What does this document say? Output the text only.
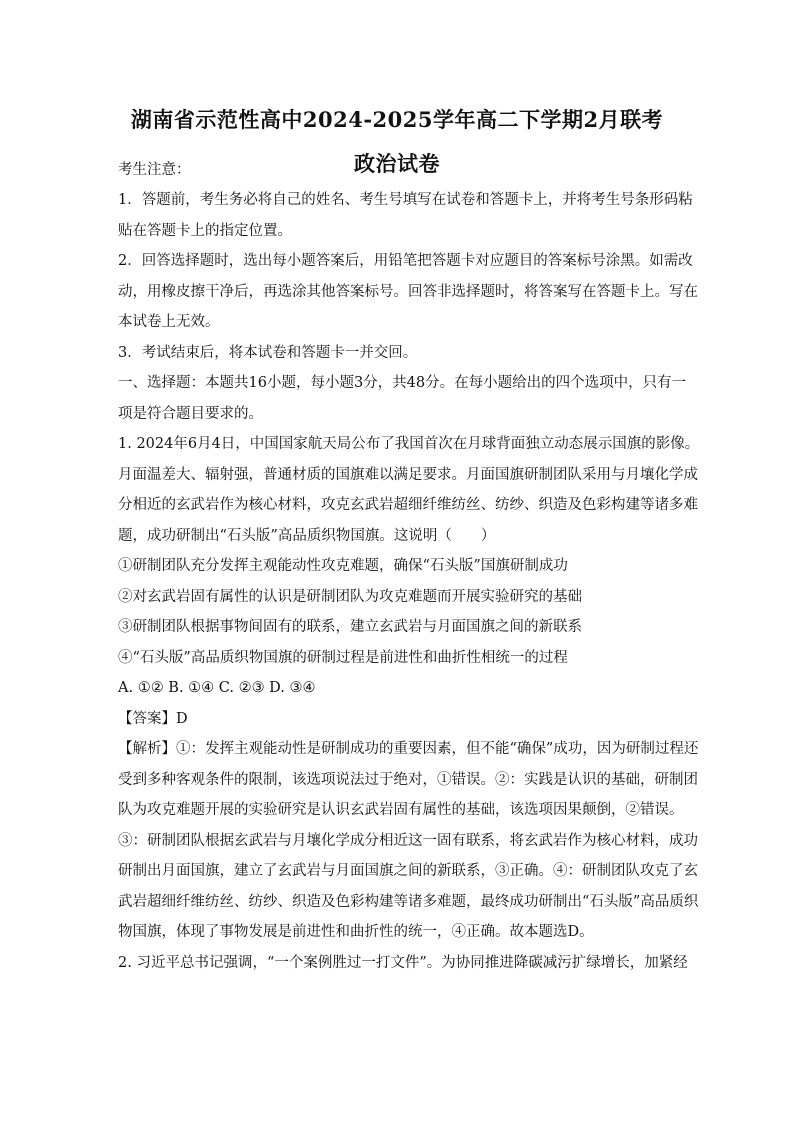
湖南省示范性高中2024-2025学年高二下学期2月联考
政治试卷
考生注意：
1．答题前，考生务必将自己的姓名、考生号填写在试卷和答题卡上，并将考生号条形码粘
贴在答题卡上的指定位置。
2．回答选择题时，选出每小题答案后，用铅笔把答题卡对应题目的答案标号涂黑。如需改
动，用橡皮擦干净后，再选涂其他答案标号。回答非选择题时，将答案写在答题卡上。写在
本试卷上无效。
3．考试结束后，将本试卷和答题卡一并交回。
一、选择题：本题共16小题，每小题3分，共48分。在每小题给出的四个选项中，只有一
项是符合题目要求的。
1. 2024年6月4日，中国国家航天局公布了我国首次在月球背面独立动态展示国旗的影像。
月面温差大、辐射强，普通材质的国旗难以满足要求。月面国旗研制团队采用与月壤化学成
分相近的玄武岩作为核心材料，攻克玄武岩超细纤维纺丝、纺纱、织造及色彩构建等诸多难
题，成功研制出“石头版”高品质织物国旗。这说明（　　）
①研制团队充分发挥主观能动性攻克难题，确保“石头版”国旗研制成功
②对玄武岩固有属性的认识是研制团队为攻克难题而开展实验研究的基础
③研制团队根据事物间固有的联系，建立玄武岩与月面国旗之间的新联系
④“石头版”高品质织物国旗的研制过程是前进性和曲折性相统一的过程
A. ①② B. ①④ C. ②③ D. ③④
【答案】D
【解析】①：发挥主观能动性是研制成功的重要因素，但不能“确保”成功，因为研制过程还
受到多种客观条件的限制，该选项说法过于绝对，①错误。②：实践是认识的基础，研制团
队为攻克难题开展的实验研究是认识玄武岩固有属性的基础，该选项因果颠倒，②错误。
③：研制团队根据玄武岩与月壤化学成分相近这一固有联系，将玄武岩作为核心材料，成功
研制出月面国旗，建立了玄武岩与月面国旗之间的新联系，③正确。④：研制团队攻克了玄
武岩超细纤维纺丝、纺纱、织造及色彩构建等诸多难题，最终成功研制出“石头版”高品质织
物国旗，体现了事物发展是前进性和曲折性的统一，④正确。故本题选D。
2. 习近平总书记强调，“一个案例胜过一打文件”。为协同推进降碳减污扩绿增长，加紧经
